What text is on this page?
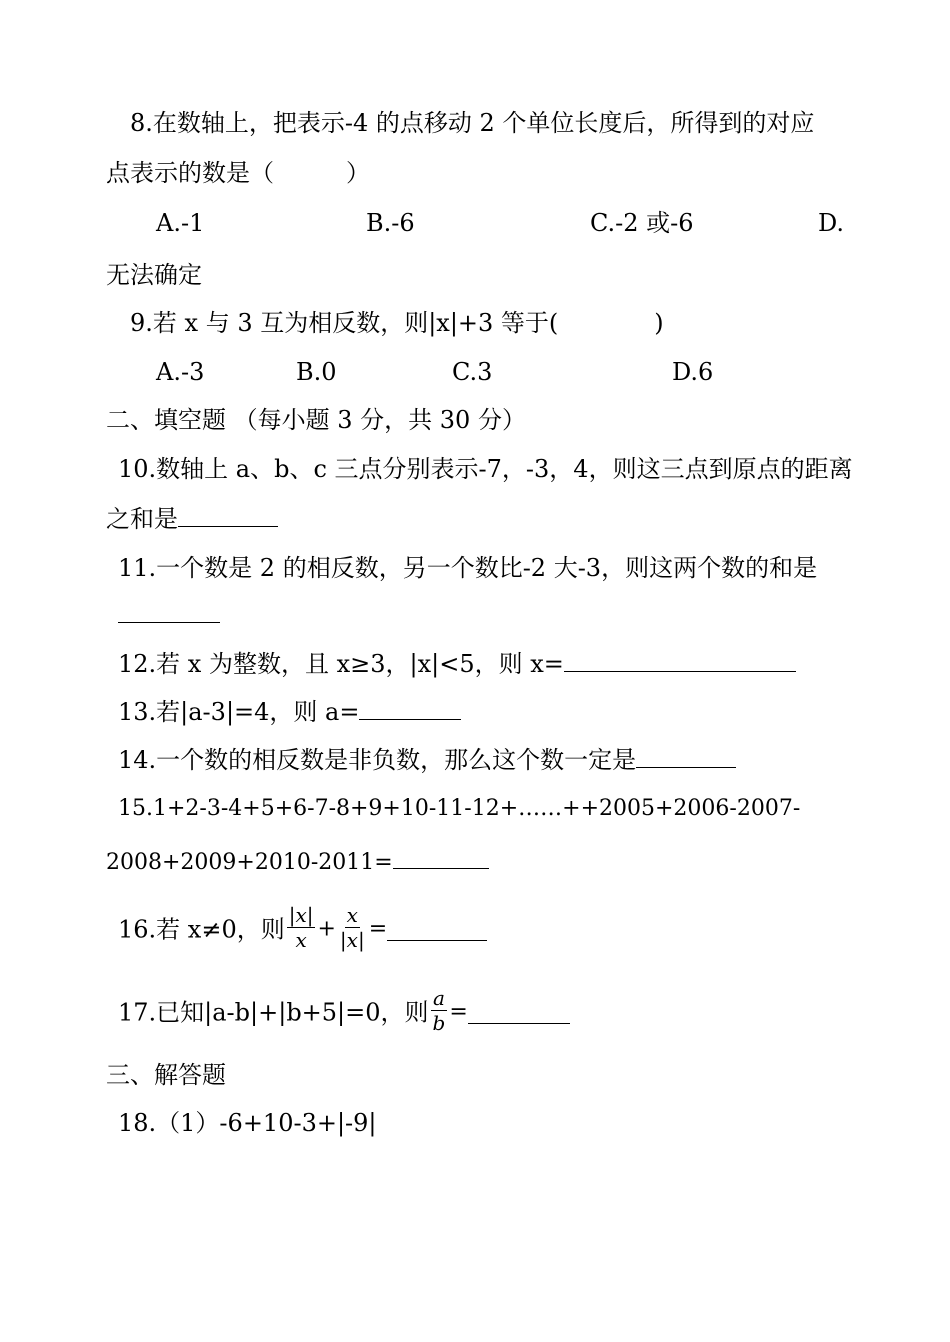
8.在数轴上，把表示-4 的点移动 2 个单位长度后，所得到的对应
点表示的数是（　　　）
A.-1	B.-6	C.-2 或-6	D.
无法确定
9.若 x 与 3 互为相反数，则|x|+3 等于(　　　　)
A.-3	B.0	C.3	D.6
二、填空题 （每小题 3 分，共 30 分）
10.数轴上 a、b、c 三点分别表示-7，-3，4，则这三点到原点的距离
之和是
11.一个数是 2 的相反数，另一个数比-2 大-3，则这两个数的和是
12.若 x 为整数，且 x≥3，|x|<5，则 x=
13.若|a-3|=4，则 a=
14.一个数的相反数是非负数，那么这个数一定是
15.1+2-3-4+5+6-7-8+9+10-11-12+……++2005+2006-2007-
2008+2009+2010-2011=
16.若 x≠0，则 $\frac{|x|}{x} + \frac{x}{|x|}$ =
17.已知|a-b|+|b+5|=0，则 $\frac{a}{b}$ =
三、解答题
18.（1）-6+10-3+|-9|
